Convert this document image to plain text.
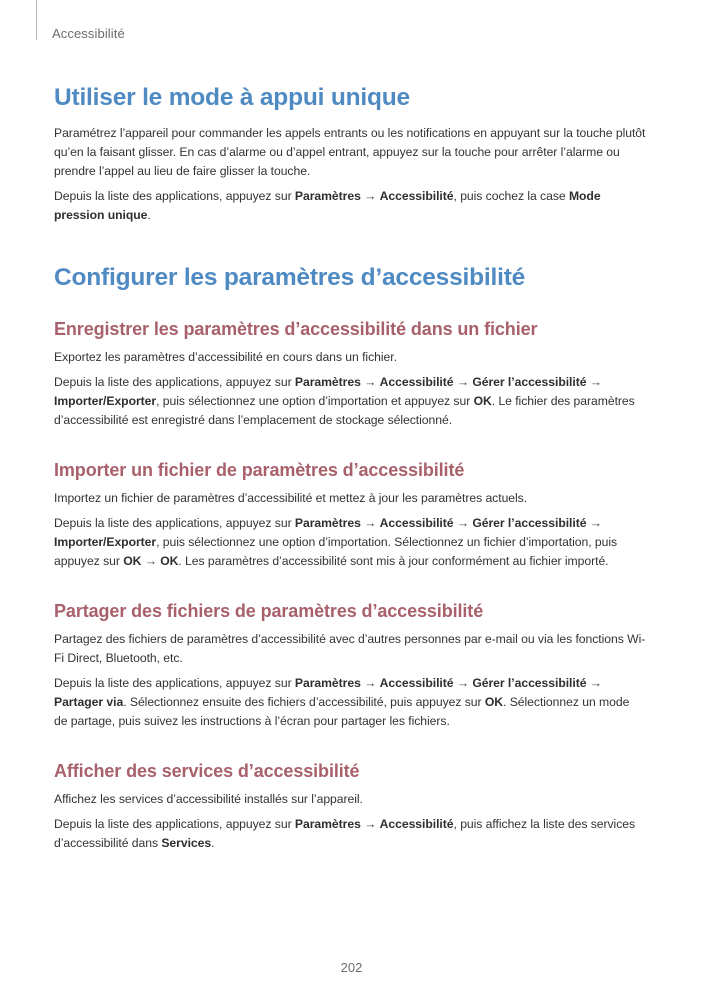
Accessibilité
Utiliser le mode à appui unique

Paramétrez l’appareil pour commander les appels entrants ou les notifications en appuyant sur la touche plutôt qu’en la faisant glisser. En cas d’alarme ou d’appel entrant, appuyez sur la touche pour arrêter l’alarme ou prendre l’appel au lieu de faire glisser la touche.

Depuis la liste des applications, appuyez sur Paramètres → Accessibilité, puis cochez la case Mode pression unique.

Configurer les paramètres d’accessibilité
Enregistrer les paramètres d’accessibilité dans un fichier

Exportez les paramètres d’accessibilité en cours dans un fichier.

Depuis la liste des applications, appuyez sur Paramètres → Accessibilité → Gérer l’accessibilité → Importer/Exporter, puis sélectionnez une option d’importation et appuyez sur OK. Le fichier des paramètres d’accessibilité est enregistré dans l’emplacement de stockage sélectionné.

Importer un fichier de paramètres d’accessibilité

Importez un fichier de paramètres d’accessibilité et mettez à jour les paramètres actuels.

Depuis la liste des applications, appuyez sur Paramètres → Accessibilité → Gérer l’accessibilité → Importer/Exporter, puis sélectionnez une option d’importation. Sélectionnez un fichier d’importation, puis appuyez sur OK → OK. Les paramètres d’accessibilité sont mis à jour conformément au fichier importé.

Partager des fichiers de paramètres d’accessibilité

Partagez des fichiers de paramètres d’accessibilité avec d’autres personnes par e-mail ou via les fonctions Wi-Fi Direct, Bluetooth, etc.

Depuis la liste des applications, appuyez sur Paramètres → Accessibilité → Gérer l’accessibilité → Partager via. Sélectionnez ensuite des fichiers d’accessibilité, puis appuyez sur OK. Sélectionnez un mode de partage, puis suivez les instructions à l’écran pour partager les fichiers.

Afficher des services d’accessibilité

Affichez les services d’accessibilité installés sur l’appareil.

Depuis la liste des applications, appuyez sur Paramètres → Accessibilité, puis affichez la liste des services d’accessibilité dans Services.

202
